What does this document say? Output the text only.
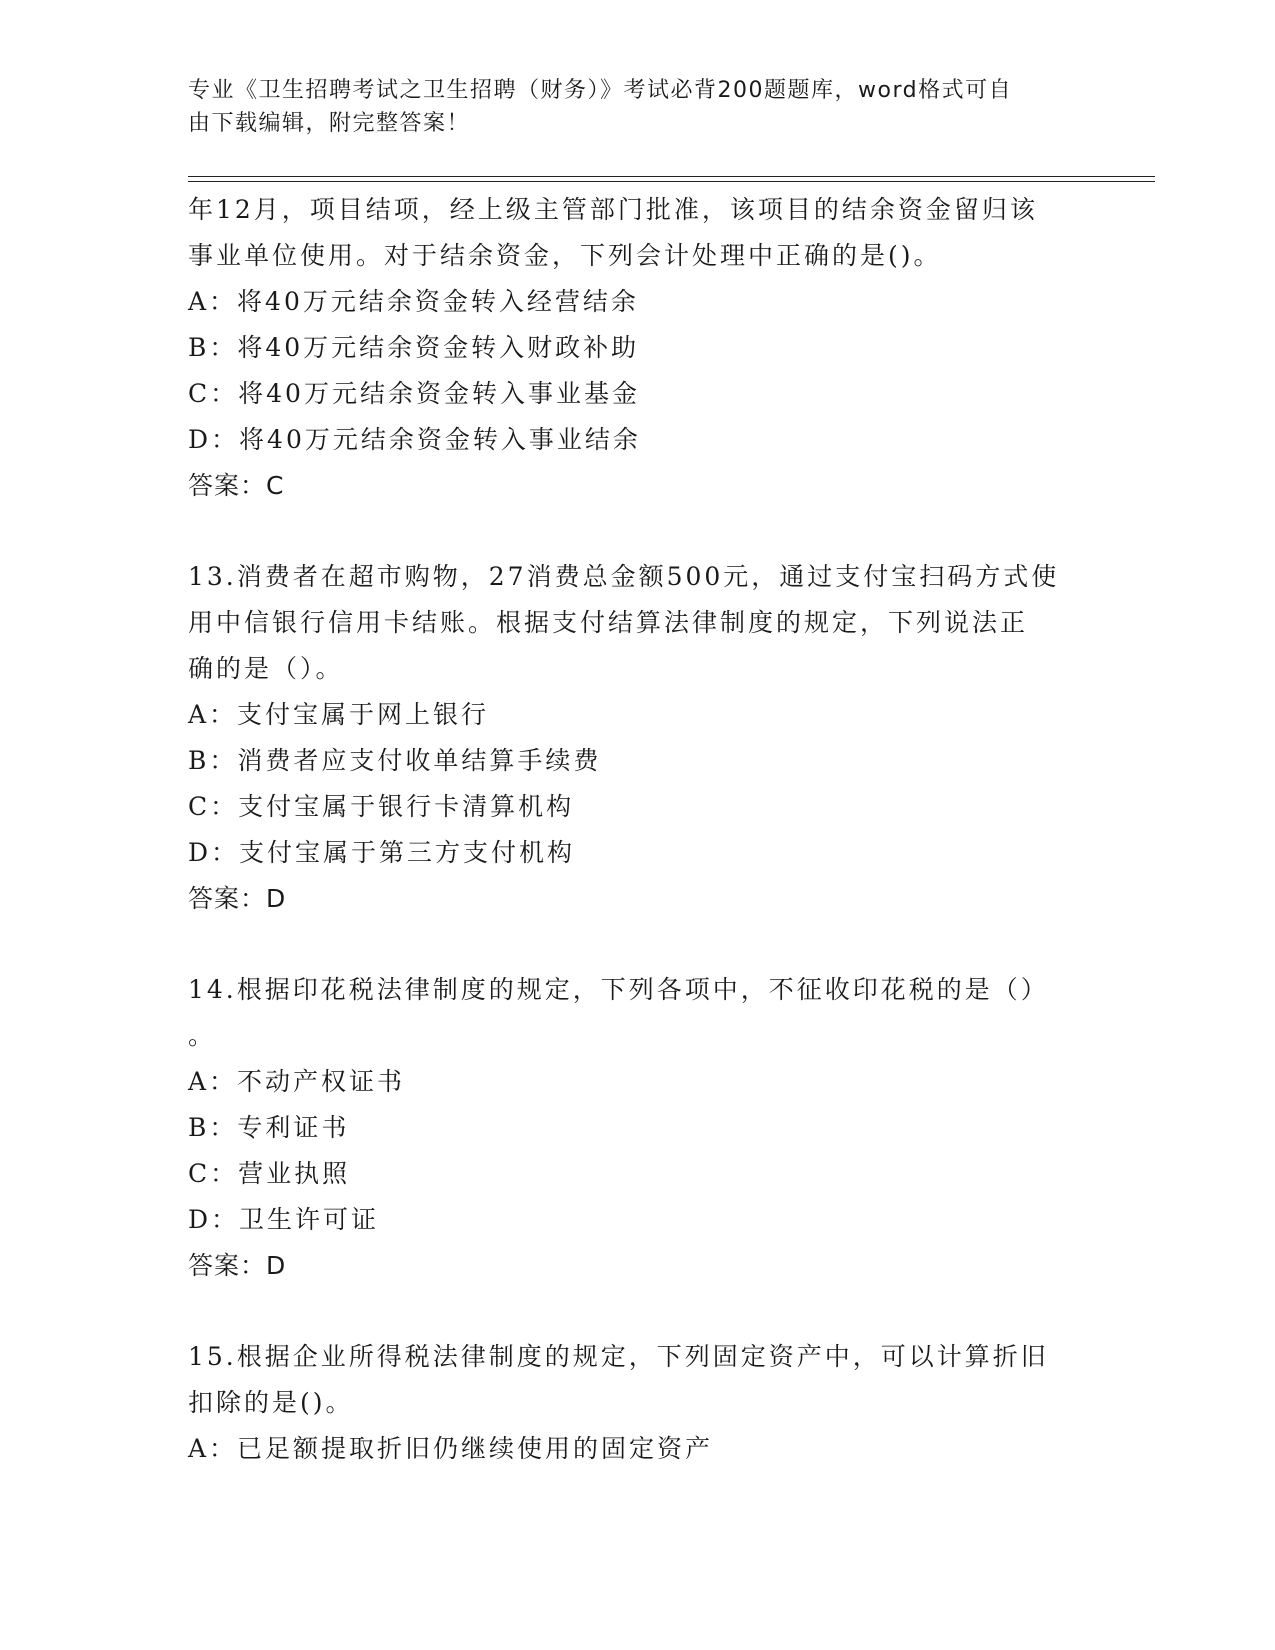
专业《卫生招聘考试之卫生招聘（财务）》考试必背200题题库，word格式可自
由下载编辑，附完整答案！
年12月，项目结项，经上级主管部门批准，该项目的结余资金留归该
事业单位使用。对于结余资金，下列会计处理中正确的是()。
A：将40万元结余资金转入经营结余
B：将40万元结余资金转入财政补助
C：将40万元结余资金转入事业基金
D：将40万元结余资金转入事业结余
答案：C
13.消费者在超市购物，27消费总金额500元，通过支付宝扫码方式使
用中信银行信用卡结账。根据支付结算法律制度的规定，下列说法正
确的是（）。
A：支付宝属于网上银行
B：消费者应支付收单结算手续费
C：支付宝属于银行卡清算机构
D：支付宝属于第三方支付机构
答案：D
14.根据印花税法律制度的规定，下列各项中，不征收印花税的是（）
。
A：不动产权证书
B：专利证书
C：营业执照
D：卫生许可证
答案：D
15.根据企业所得税法律制度的规定，下列固定资产中，可以计算折旧
扣除的是()。
A：已足额提取折旧仍继续使用的固定资产
